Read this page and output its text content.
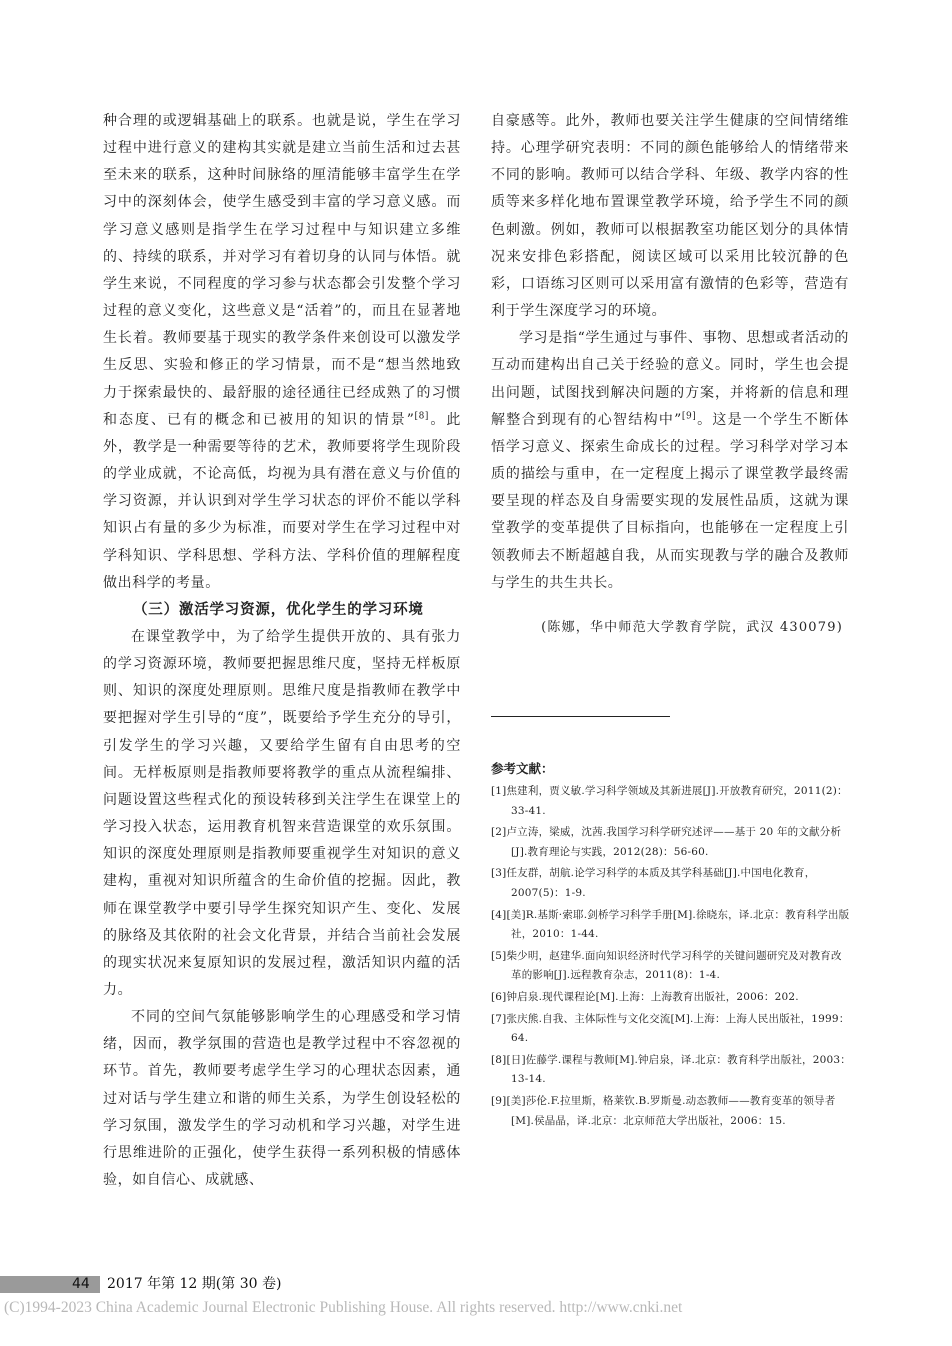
种合理的或逻辑基础上的联系。也就是说，学生在学习过程中进行意义的建构其实就是建立当前生活和过去甚至未来的联系，这种时间脉络的厘清能够丰富学生在学习中的深刻体会，使学生感受到丰富的学习意义感。而学习意义感则是指学生在学习过程中与知识建立多维的、持续的联系，并对学习有着切身的认同与体悟。就学生来说，不同程度的学习参与状态都会引发整个学习过程的意义变化，这些意义是“活着”的，而且在显著地生长着。教师要基于现实的教学条件来创设可以激发学生反思、实验和修正的学习情景，而不是“想当然地致力于探索最快的、最舒服的途径通往已经成熟了的习惯和态度、已有的概念和已被用的知识的情景”[8]。此外，教学是一种需要等待的艺术，教师要将学生现阶段的学业成就，不论高低，均视为具有潜在意义与价值的学习资源，并认识到对学生学习状态的评价不能以学科知识占有量的多少为标准，而要对学生在学习过程中对学科知识、学科思想、学科方法、学科价值的理解程度做出科学的考量。

（三）激活学习资源，优化学生的学习环境

在课堂教学中，为了给学生提供开放的、具有张力的学习资源环境，教师要把握思维尺度，坚持无样板原则、知识的深度处理原则。思维尺度是指教师在教学中要把握对学生引导的“度”，既要给予学生充分的导引，引发学生的学习兴趣，又要给学生留有自由思考的空间。无样板原则是指教师要将教学的重点从流程编排、问题设置这些程式化的预设转移到关注学生在课堂上的学习投入状态，运用教育机智来营造课堂的欢乐氛围。知识的深度处理原则是指教师要重视学生对知识的意义建构，重视对知识所蕴含的生命价值的挖掘。因此，教师在课堂教学中要引导学生探究知识产生、变化、发展的脉络及其依附的社会文化背景，并结合当前社会发展的现实状况来复原知识的发展过程，激活知识内蕴的活力。

不同的空间气氛能够影响学生的心理感受和学习情绪，因而，教学氛围的营造也是教学过程中不容忽视的环节。首先，教师要考虑学生学习的心理状态因素，通过对话与学生建立和谐的师生关系，为学生创设轻松的学习氛围，激发学生的学习动机和学习兴趣，对学生进行思维进阶的正强化，使学生获得一系列积极的情感体验，如自信心、成就感、

自豪感等。此外，教师也要关注学生健康的空间情绪维持。心理学研究表明：不同的颜色能够给人的情绪带来不同的影响。教师可以结合学科、年级、教学内容的性质等来多样化地布置课堂教学环境，给予学生不同的颜色刺激。例如，教师可以根据教室功能区划分的具体情况来安排色彩搭配，阅读区域可以采用比较沉静的色彩，口语练习区则可以采用富有激情的色彩等，营造有利于学生深度学习的环境。

学习是指“学生通过与事件、事物、思想或者活动的互动而建构出自己关于经验的意义。同时，学生也会提出问题，试图找到解决问题的方案，并将新的信息和理解整合到现有的心智结构中”[9]。这是一个学生不断体悟学习意义、探索生命成长的过程。学习科学对学习本质的描绘与重申，在一定程度上揭示了课堂教学最终需要呈现的样态及自身需要实现的发展性品质，这就为课堂教学的变革提供了目标指向，也能够在一定程度上引领教师去不断超越自我，从而实现教与学的融合及教师与学生的共生共长。

(陈娜，华中师范大学教育学院，武汉 430079)

参考文献：

[1]焦建利，贾义敏.学习科学领域及其新进展[J].开放教育研究，2011(2)：33-41.
[2]卢立涛，梁威，沈茜.我国学习科学研究述评——基于 20 年的文献分析[J].教育理论与实践，2012(28)：56-60.
[3]任友群，胡航.论学习科学的本质及其学科基础[J].中国电化教育，2007(5)：1-9.
[4][美]R.基斯·索耶.剑桥学习科学手册[M].徐晓东，译.北京：教育科学出版社，2010：1-44.
[5]柴少明，赵建华.面向知识经济时代学习科学的关键问题研究及对教育改革的影响[J].远程教育杂志，2011(8)：1-4.
[6]钟启泉.现代课程论[M].上海：上海教育出版社，2006：202.
[7]张庆熊.自我、主体际性与文化交流[M].上海：上海人民出版社，1999：64.
[8][日]佐藤学.课程与教师[M].钟启泉，译.北京：教育科学出版社，2003：13-14.
[9][美]莎伦.F.拉里斯，格莱钦.B.罗斯曼.动态教师——教育变革的领导者[M].侯晶晶，译.北京：北京师范大学出版社，2006：15.
44 2017 年第 12 期(第 30 卷)
(C)1994-2023 China Academic Journal Electronic Publishing House. All rights reserved. http://www.cnki.net
